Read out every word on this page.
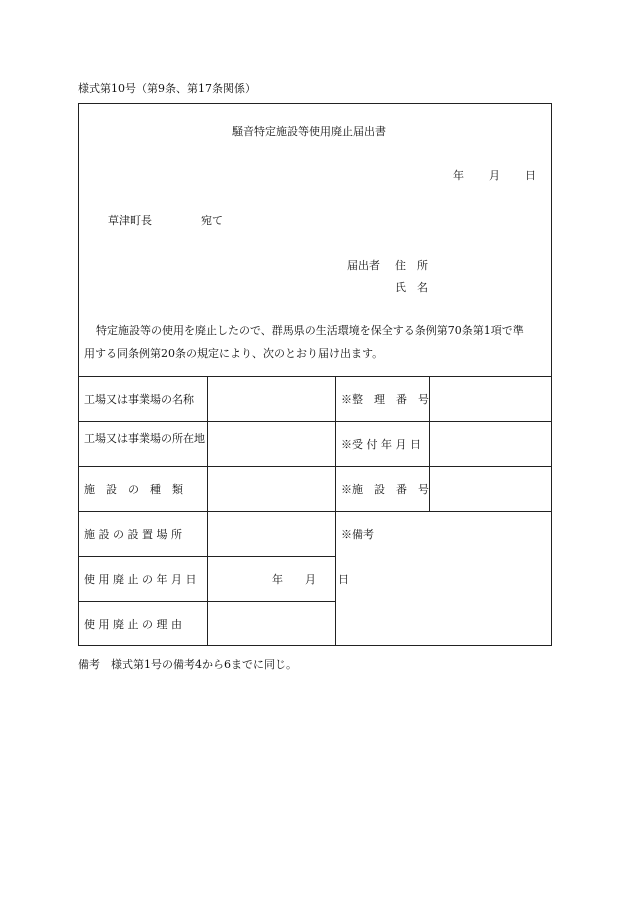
様式第10号（第9条、第17条関係）
騒音特定施設等使用廃止届出書
年 月 日
草津町長	宛て
届出者 住　所
氏　名
特定施設等の使用を廃止したので、群馬県の生活環境を保全する条例第70条第1項で準
用する同条例第20条の規定により、次のとおり届け出ます。
工場又は事業場の名称
工場又は事業場の所在地
施　設　の　種　類
施 設 の 設 置 場 所
使 用 廃 止 の 年 月 日	年　　月　　日
使 用 廃 止 の 理 由
※整　理　番　号
※受 付 年 月 日
※施　設　番　号
※備考
備考　様式第1号の備考4から6までに同じ。
